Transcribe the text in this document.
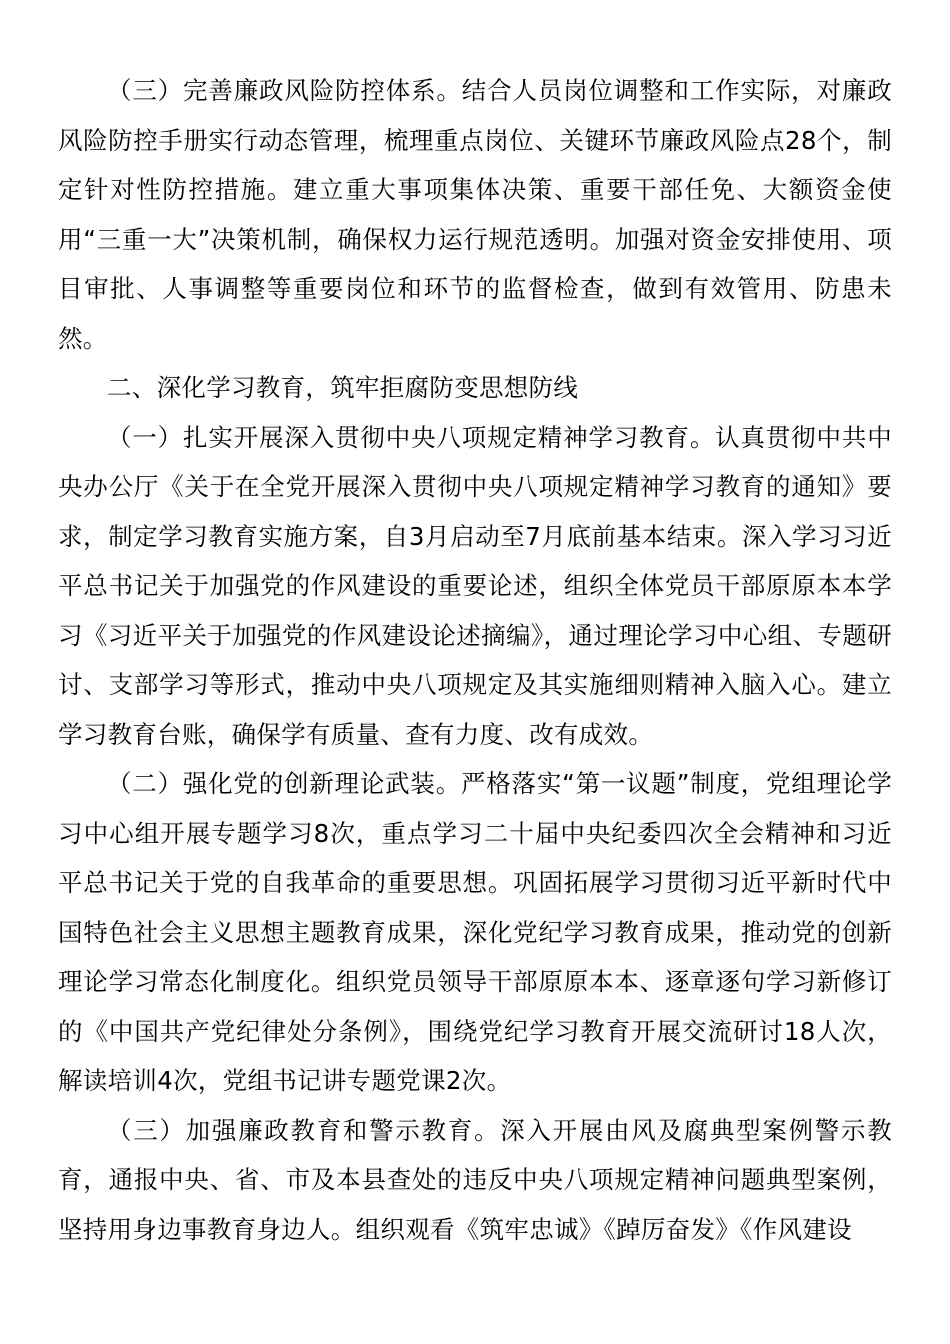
（三）完善廉政风险防控体系。结合人员岗位调整和工作实际，对廉政风险防控手册实行动态管理，梳理重点岗位、关键环节廉政风险点28个，制定针对性防控措施。建立重大事项集体决策、重要干部任免、大额资金使用“三重一大”决策机制，确保权力运行规范透明。加强对资金安排使用、项目审批、人事调整等重要岗位和环节的监督检查，做到有效管用、防患未然。

二、深化学习教育，筑牢拒腐防变思想防线

（一）扎实开展深入贯彻中央八项规定精神学习教育。认真贯彻中共中央办公厅《关于在全党开展深入贯彻中央八项规定精神学习教育的通知》要求，制定学习教育实施方案，自3月启动至7月底前基本结束。深入学习习近平总书记关于加强党的作风建设的重要论述，组织全体党员干部原原本本学习《习近平关于加强党的作风建设论述摘编》，通过理论学习中心组、专题研讨、支部学习等形式，推动中央八项规定及其实施细则精神入脑入心。建立学习教育台账，确保学有质量、查有力度、改有成效。

（二）强化党的创新理论武装。严格落实“第一议题”制度，党组理论学习中心组开展专题学习8次，重点学习二十届中央纪委四次全会精神和习近平总书记关于党的自我革命的重要思想。巩固拓展学习贯彻习近平新时代中国特色社会主义思想主题教育成果，深化党纪学习教育成果，推动党的创新理论学习常态化制度化。组织党员领导干部原原本本、逐章逐句学习新修订的《中国共产党纪律处分条例》，围绕党纪学习教育开展交流研讨18人次，解读培训4次，党组书记讲专题党课2次。

（三）加强廉政教育和警示教育。深入开展由风及腐典型案例警示教育，通报中央、省、市及本县查处的违反中央八项规定精神问题典型案例，坚持用身边事教育身边人。组织观看《筑牢忠诚》《踔厉奋发》《作风建设
